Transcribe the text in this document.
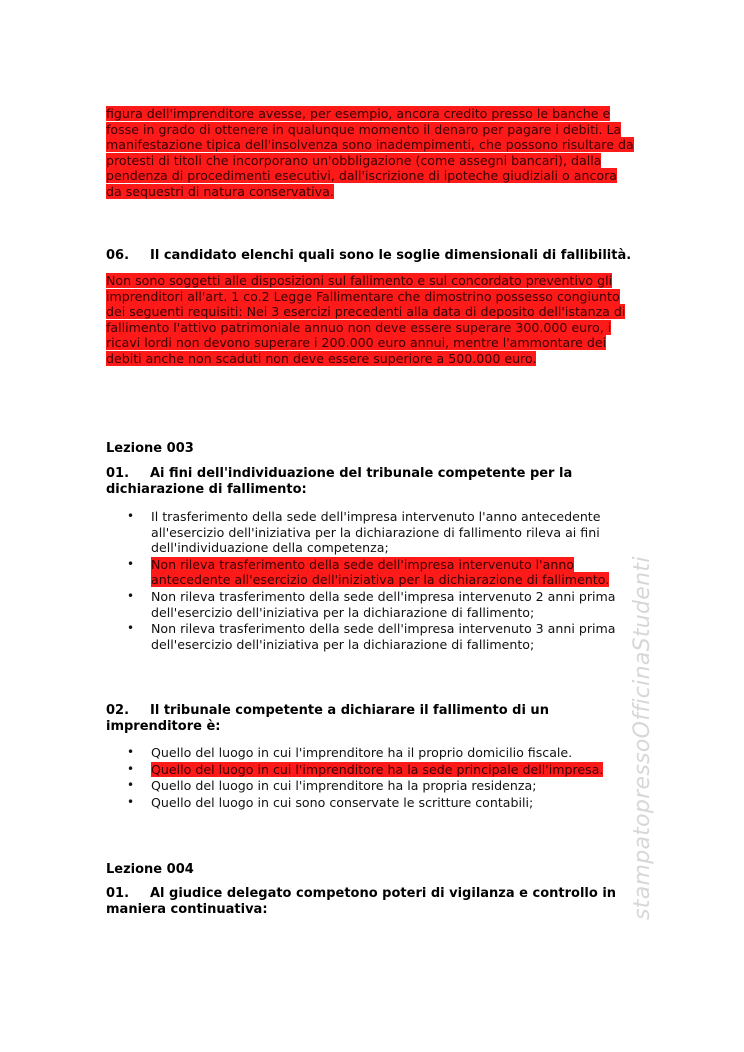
figura dell'imprenditore avesse, per esempio, ancora credito presso le banche e fosse in grado di ottenere in qualunque momento il denaro per pagare i debiti. La manifestazione tipica dell'insolvenza sono inadempimenti, che possono risultare da protesti di titoli che incorporano un'obbligazione (come assegni bancari), dalla pendenza di procedimenti esecutivi, dall'iscrizione di ipoteche giudiziali o ancora da sequestri di natura conservativa.

06. Il candidato elenchi quali sono le soglie dimensionali di fallibilità.

Non sono soggetti alle disposizioni sul fallimento e sul concordato preventivo gli imprenditori all'art. 1 co.2 Legge Fallimentare che dimostrino possesso congiunto dei seguenti requisiti: Nei 3 esercizi precedenti alla data di deposito dell'istanza di fallimento l'attivo patrimoniale annuo non deve essere superare 300.000 euro, i ricavi lordi non devono superare i 200.000 euro annui, mentre l'ammontare dei debiti anche non scaduti non deve essere superiore a 500.000 euro.

Lezione 003
01. Ai fini dell'individuazione del tribunale competente per la dichiarazione di fallimento:
• Il trasferimento della sede dell'impresa intervenuto l'anno antecedente all'esercizio dell'iniziativa per la dichiarazione di fallimento rileva ai fini dell'individuazione della competenza;
• Non rileva trasferimento della sede dell'impresa intervenuto l'anno antecedente all'esercizio dell'iniziativa per la dichiarazione di fallimento.
• Non rileva trasferimento della sede dell'impresa intervenuto 2 anni prima dell'esercizio dell'iniziativa per la dichiarazione di fallimento;
• Non rileva trasferimento della sede dell'impresa intervenuto 3 anni prima dell'esercizio dell'iniziativa per la dichiarazione di fallimento;
02. Il tribunale competente a dichiarare il fallimento di un imprenditore è:
• Quello del luogo in cui l'imprenditore ha il proprio domicilio fiscale.
• Quello del luogo in cui l'imprenditore ha la sede principale dell'impresa.
• Quello del luogo in cui l'imprenditore ha la propria residenza;
• Quello del luogo in cui sono conservate le scritture contabili;
Lezione 004
01. Al giudice delegato competono poteri di vigilanza e controllo in maniera continuativa:	stampatopressoOfficinaStudenti
